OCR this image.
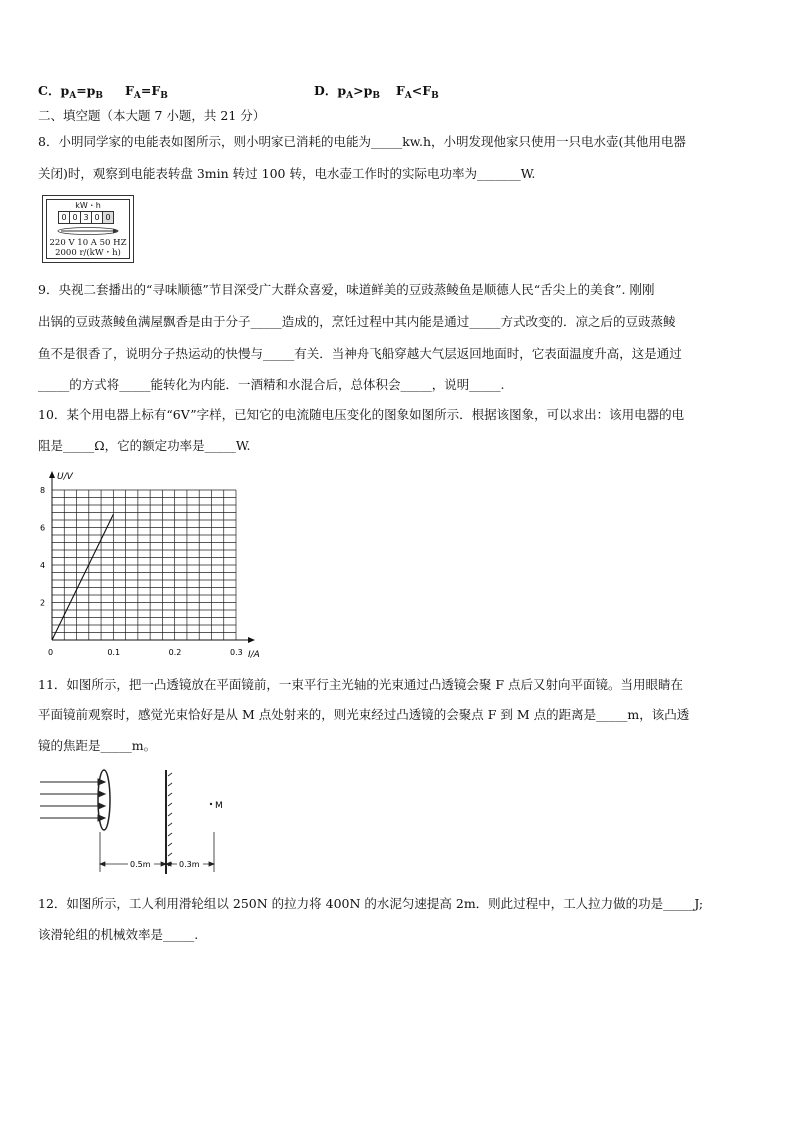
C．$p_A=p_B$ $F_A=F_B$	D．$p_A>p_B$ $F_A<F_B$
二、填空题（本大题 7 小题，共 21 分）
8．小明同学家的电能表如图所示，则小明家已消耗的电能为_____kw.h，小明发现他家只使用一只电水壶(其他用电器
关闭)时，观察到电能表转盘 3min 转过 100 转，电水壶工作时的实际电功率为_______W.
kW・h
0 0 3 0 0
220 V 10 A 50 HZ
2000 r/(kW・h)
9．央视二套播出的“寻味顺德”节目深受广大群众喜爱，味道鲜美的豆豉蒸鲮鱼是顺德人民“舌尖上的美食”. 刚刚
出锅的豆豉蒸鲮鱼满屋飘香是由于分子_____造成的，烹饪过程中其内能是通过_____方式改变的．凉之后的豆豉蒸鲮
鱼不是很香了，说明分子热运动的快慢与_____有关．当神舟飞船穿越大气层返回地面时，它表面温度升高，这是通过
_____的方式将_____能转化为内能．一酒精和水混合后，总体积会_____，说明_____.
10．某个用电器上标有“6V”字样，已知它的电流随电压变化的图象如图所示．根据该图象，可以求出：该用电器的电
阻是_____Ω，它的额定功率是_____W.
U/V
I/A
0	0.1	0.2	0.3
2
4
6
8
11．如图所示，把一凸透镜放在平面镜前，一束平行主光轴的光束通过凸透镜会聚 F 点后又射向平面镜。当用眼睛在
平面镜前观察时，感觉光束恰好是从 M 点处射来的，则光束经过凸透镜的会聚点 F 到 M 点的距离是_____m，该凸透
镜的焦距是_____m。
M
0.5m	0.3m
12．如图所示，工人利用滑轮组以 250N 的拉力将 400N 的水泥匀速提高 2m．则此过程中，工人拉力做的功是_____J;
该滑轮组的机械效率是_____.
